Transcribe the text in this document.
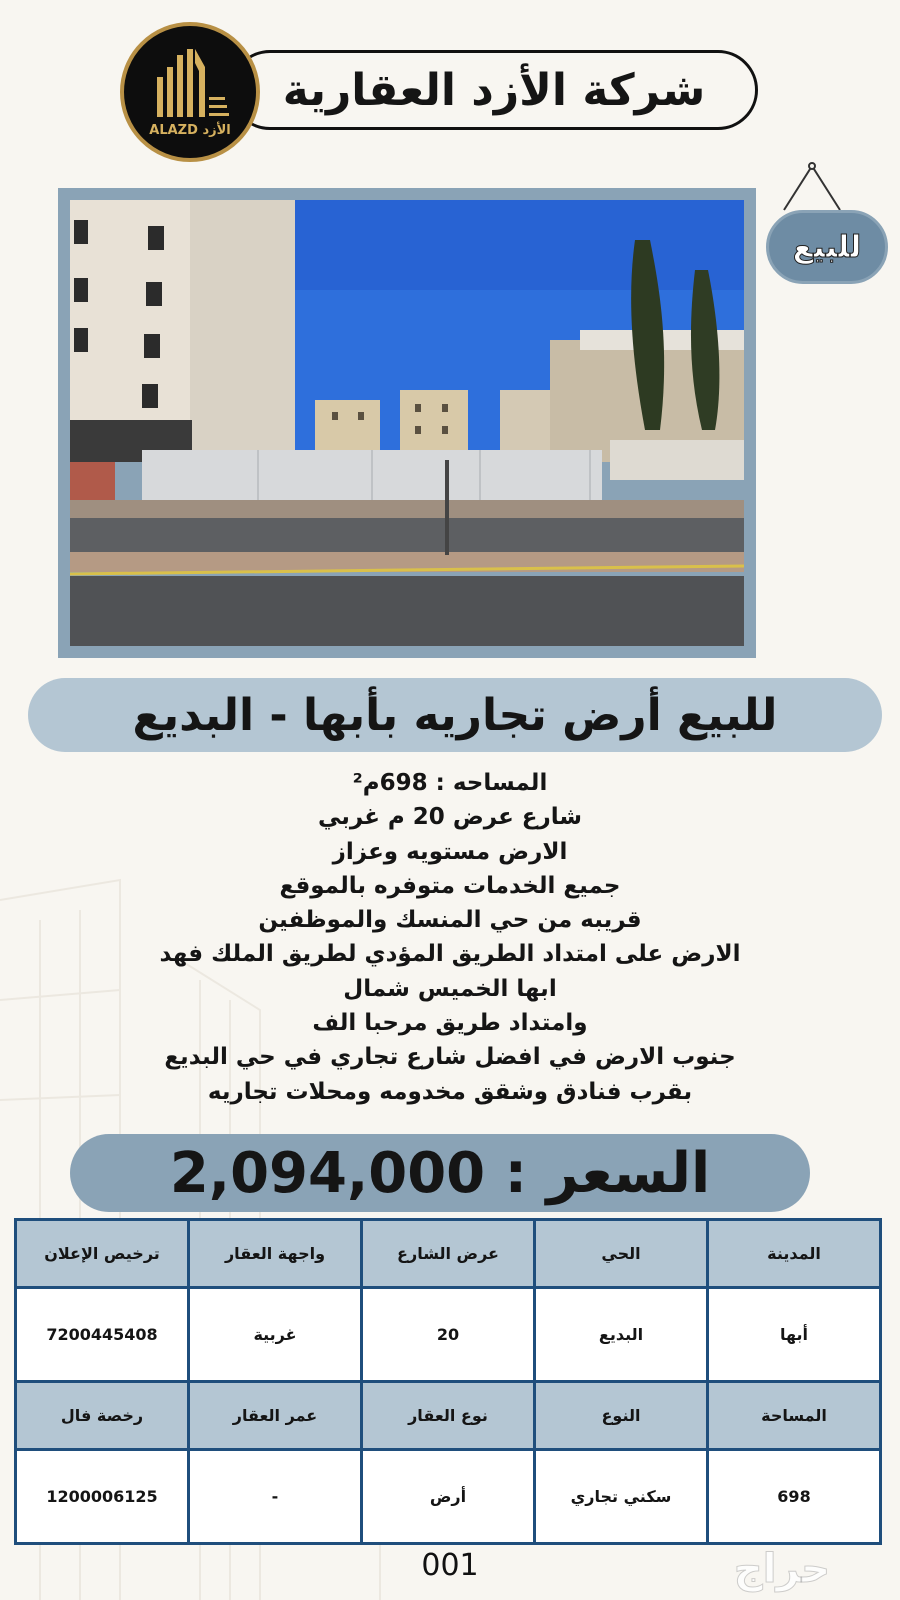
شركة الأزد العقارية
ALAZD الأزد
للبيع
للبيع أرض تجاريه بأبها - البديع
المساحه : 698م²
شارع عرض 20 م غربي
الارض مستويه وعزاز
جميع الخدمات متوفره بالموقع
قريبه من حي المنسك والموظفين
الارض على امتداد الطريق المؤدي لطريق الملك فهد
ابها الخميس شمال
وامتداد طريق مرحبا الف
جنوب الارض في افضل شارع تجاري في حي البديع
بقرب فنادق وشقق مخدومه ومحلات تجاريه
السعر : 2,094,000
المدينة	الحي	عرض الشارع	واجهة العقار	ترخيص الإعلان
أبها	البديع	20	غربية	7200445408
المساحة	النوع	نوع العقار	عمر العقار	رخصة فال
698	سكني تجاري	أرض	-	1200006125
001	حراج
